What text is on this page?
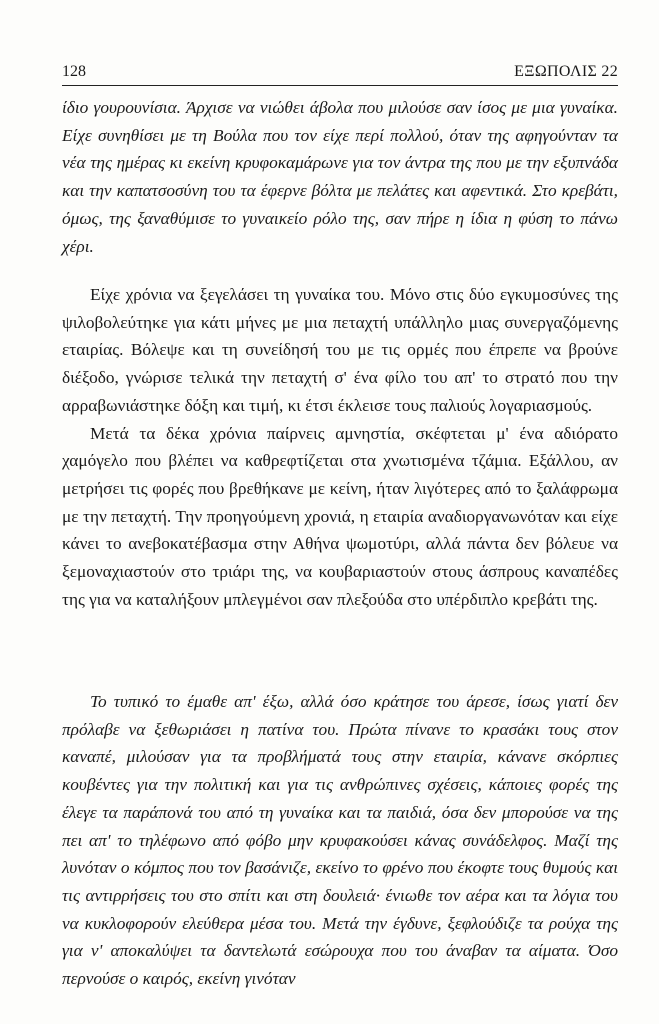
128	ΕΞΩΠΟΛΙΣ 22

ίδιο γουρουνίσια. Άρχισε να νιώθει άβολα που μιλούσε σαν ίσος με μια γυναίκα. Είχε συνηθίσει με τη Βούλα που τον είχε περί πολλού, όταν της αφηγούνταν τα νέα της ημέρας κι εκείνη κρυφοκαμάρωνε για τον άντρα της που με την εξυπνάδα και την καπατσοσύνη του τα έφερνε βόλτα με πελάτες και αφεντικά. Στο κρεβάτι, όμως, της ξαναθύμισε το γυναικείο ρόλο της, σαν πήρε η ίδια η φύση το πάνω χέρι.

Είχε χρόνια να ξεγελάσει τη γυναίκα του. Μόνο στις δύο εγκυμοσύνες της ψιλοβολεύτηκε για κάτι μήνες με μια πεταχτή υπάλληλο μιας συνεργαζόμενης εταιρίας. Βόλεψε και τη συνείδησή του με τις ορμές που έπρεπε να βρούνε διέξοδο, γνώρισε τελικά την πεταχτή σ' ένα φίλο του απ' το στρατό που την αρραβωνιάστηκε δόξη και τιμή, κι έτσι έκλεισε τους παλιούς λογαριασμούς.

Μετά τα δέκα χρόνια παίρνεις αμνηστία, σκέφτεται μ' ένα αδιόρατο χαμόγελο που βλέπει να καθρεφτίζεται στα χνωτισμένα τζάμια. Εξάλλου, αν μετρήσει τις φορές που βρεθήκανε με κείνη, ήταν λιγότερες από το ξαλάφρωμα με την πεταχτή. Την προηγούμενη χρονιά, η εταιρία αναδιοργανωνόταν και είχε κάνει το ανεβοκατέβασμα στην Αθήνα ψωμοτύρι, αλλά πάντα δεν βόλευε να ξεμοναχιαστούν στο τριάρι της, να κουβαριαστούν στους άσπρους καναπέδες της για να καταλήξουν μπλεγμένοι σαν πλεξούδα στο υπέρδιπλο κρεβάτι της.

Το τυπικό το έμαθε απ' έξω, αλλά όσο κράτησε του άρεσε, ίσως γιατί δεν πρόλαβε να ξεθωριάσει η πατίνα του. Πρώτα πίνανε το κρασάκι τους στον καναπέ, μιλούσαν για τα προβλήματά τους στην εταιρία, κάνανε σκόρπιες κουβέντες για την πολιτική και για τις ανθρώπινες σχέσεις, κάποιες φορές της έλεγε τα παράπονά του από τη γυναίκα και τα παιδιά, όσα δεν μπορούσε να της πει απ' το τηλέφωνο από φόβο μην κρυφακούσει κάνας συνάδελφος. Μαζί της λυνόταν ο κόμπος που τον βασάνιζε, εκείνο το φρένο που έκοφτε τους θυμούς και τις αντιρρήσεις του στο σπίτι και στη δουλειά· ένιωθε τον αέρα και τα λόγια του να κυκλοφορούν ελεύθερα μέσα του. Μετά την έγδυνε, ξεφλούδιζε τα ρούχα της για ν' αποκαλύψει τα δαντελωτά εσώρουχα που του άναβαν τα αίματα. Όσο περνούσε ο καιρός, εκείνη γινόταν
